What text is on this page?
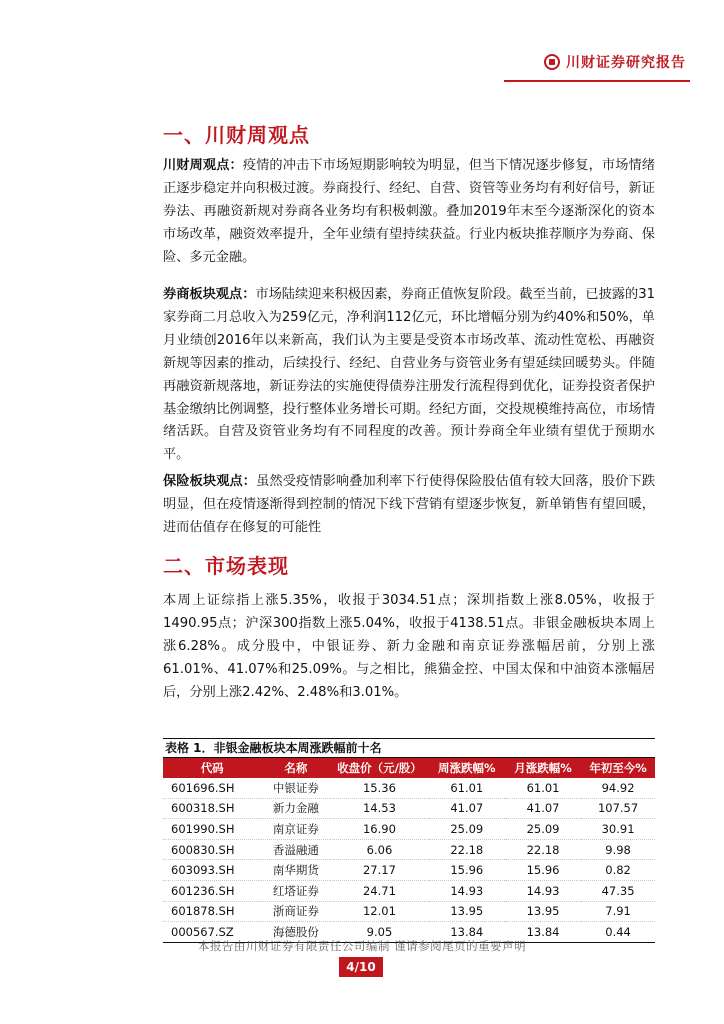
川财证券研究报告
一、川财周观点
川财周观点：疫情的冲击下市场短期影响较为明显，但当下情况逐步修复，市场情绪正逐步稳定并向积极过渡。券商投行、经纪、自营、资管等业务均有利好信号，新证券法、再融资新规对券商各业务均有积极刺激。叠加2019年末至今逐渐深化的资本市场改革，融资效率提升，全年业绩有望持续获益。行业内板块推荐顺序为券商、保险、多元金融。
券商板块观点：市场陆续迎来积极因素，券商正值恢复阶段。截至当前，已披露的31家券商二月总收入为259亿元，净利润112亿元，环比增幅分别为约40%和50%，单月业绩创2016年以来新高，我们认为主要是受资本市场改革、流动性宽松、再融资新规等因素的推动，后续投行、经纪、自营业务与资管业务有望延续回暖势头。伴随再融资新规落地，新证券法的实施使得债券注册发行流程得到优化，证券投资者保护基金缴纳比例调整，投行整体业务增长可期。经纪方面，交投规模维持高位，市场情绪活跃。自营及资管业务均有不同程度的改善。预计券商全年业绩有望优于预期水平。
保险板块观点：虽然受疫情影响叠加利率下行使得保险股估值有较大回落，股价下跌明显，但在疫情逐渐得到控制的情况下线下营销有望逐步恢复，新单销售有望回暖，进而估值存在修复的可能性
二、市场表现
本周上证综指上涨5.35%，收报于3034.51点；深圳指数上涨8.05%，收报于1490.95点；沪深300指数上涨5.04%，收报于4138.51点。非银金融板块本周上涨6.28%。成分股中，中银证券、新力金融和南京证券涨幅居前，分别上涨61.01%、41.07%和25.09%。与之相比，熊猫金控、中国太保和中油资本涨幅居后，分别上涨2.42%、2.48%和3.01%。
表格 1．非银金融板块本周涨跌幅前十名
代码	名称	收盘价（元/股）	周涨跌幅%	月涨跌幅%	年初至今%
601696.SH	中银证券	15.36	61.01	61.01	94.92
600318.SH	新力金融	14.53	41.07	41.07	107.57
601990.SH	南京证券	16.90	25.09	25.09	30.91
600830.SH	香溢融通	6.06	22.18	22.18	9.98
603093.SH	南华期货	27.17	15.96	15.96	0.82
601236.SH	红塔证券	24.71	14.93	14.93	47.35
601878.SH	浙商证券	12.01	13.95	13.95	7.91
000567.SZ	海德股份	9.05	13.84	13.84	0.44
本报告由川财证券有限责任公司编制 谨请参阅尾页的重要声明
4/10
